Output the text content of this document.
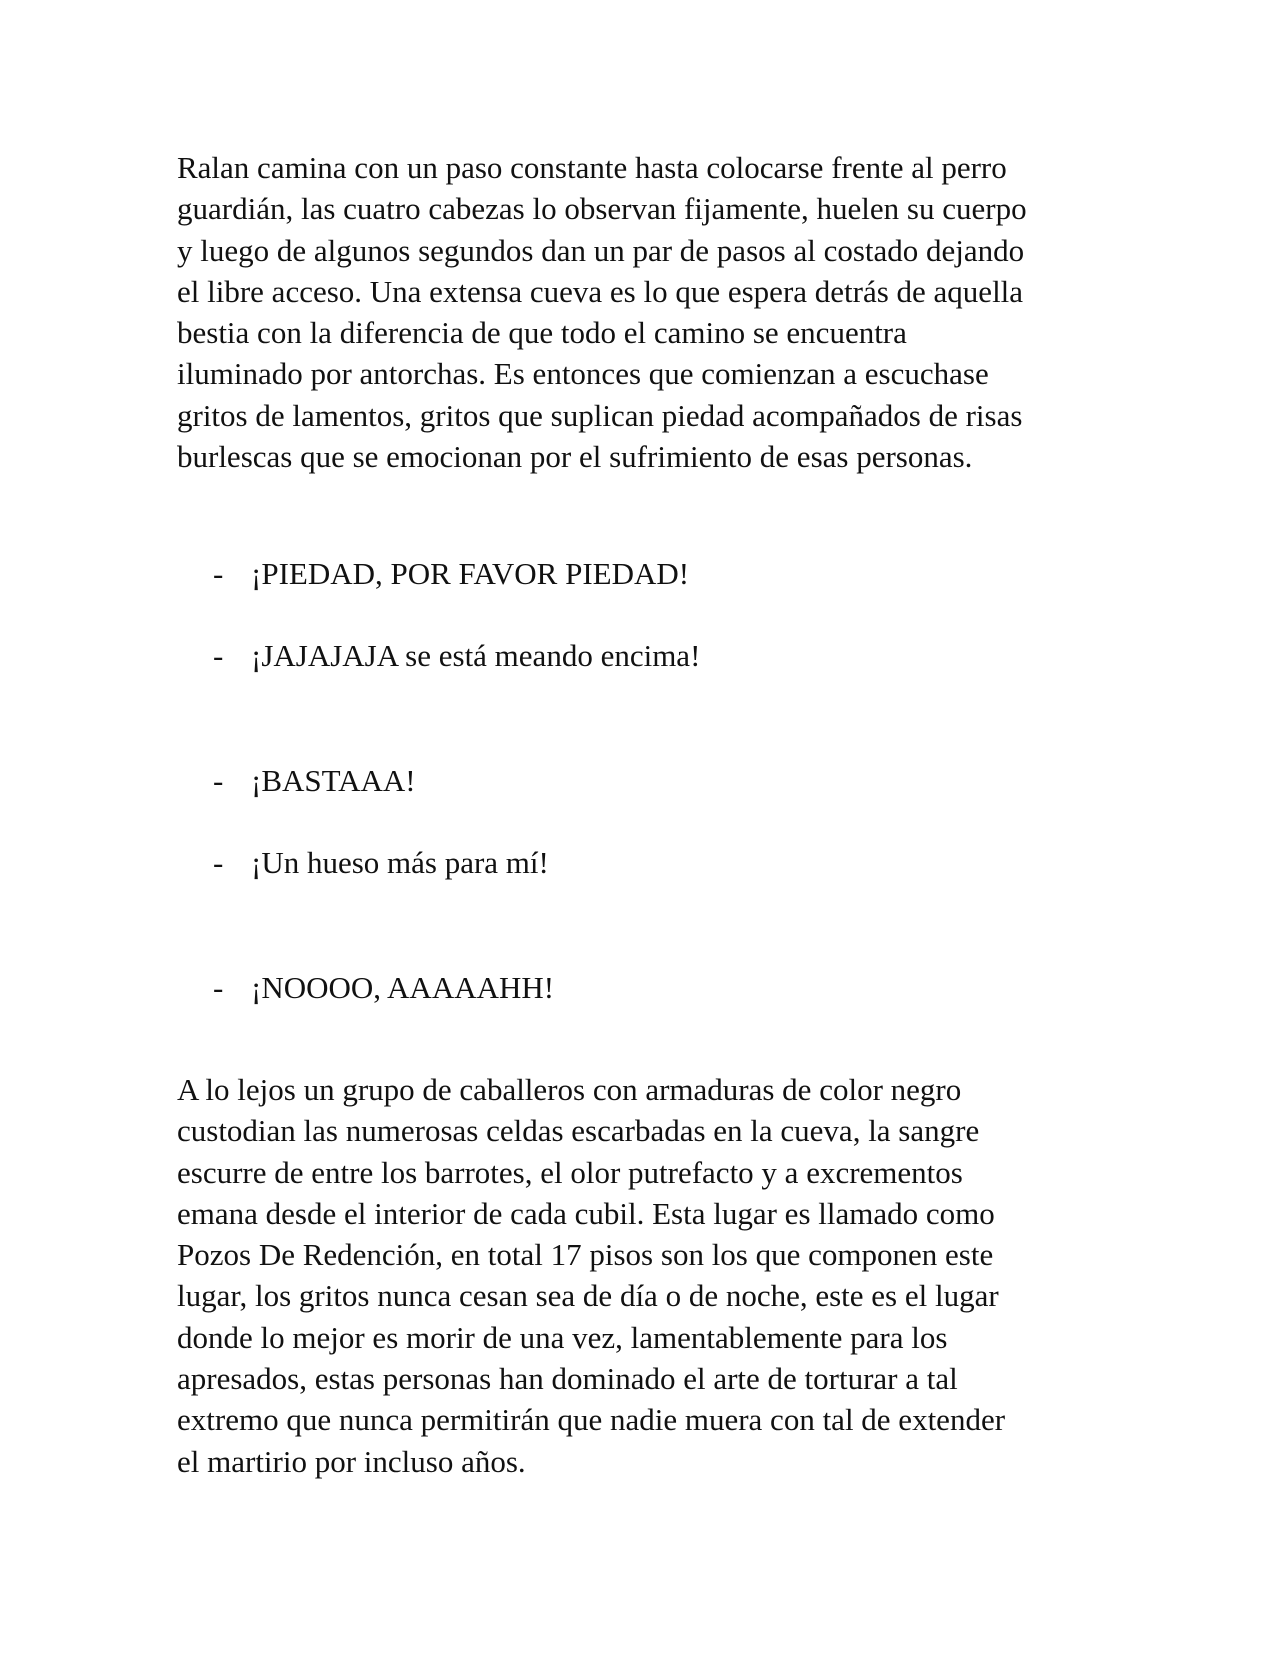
Ralan camina con un paso constante hasta colocarse frente al perro
guardián, las cuatro cabezas lo observan fijamente, huelen su cuerpo
y luego de algunos segundos dan un par de pasos al costado dejando
el libre acceso. Una extensa cueva es lo que espera detrás de aquella
bestia con la diferencia de que todo el camino se encuentra
iluminado por antorchas. Es entonces que comienzan a escuchase
gritos de lamentos, gritos que suplican piedad acompañados de risas
burlescas que se emocionan por el sufrimiento de esas personas.

- ¡PIEDAD, POR FAVOR PIEDAD!
- ¡JAJAJAJA se está meando encima!
- ¡BASTAAA!
- ¡Un hueso más para mí!
- ¡NOOOO, AAAAAHH!

A lo lejos un grupo de caballeros con armaduras de color negro
custodian las numerosas celdas escarbadas en la cueva, la sangre
escurre de entre los barrotes, el olor putrefacto y a excrementos
emana desde el interior de cada cubil. Esta lugar es llamado como
Pozos De Redención, en total 17 pisos son los que componen este
lugar, los gritos nunca cesan sea de día o de noche, este es el lugar
donde lo mejor es morir de una vez, lamentablemente para los
apresados, estas personas han dominado el arte de torturar a tal
extremo que nunca permitirán que nadie muera con tal de extender
el martirio por incluso años.
